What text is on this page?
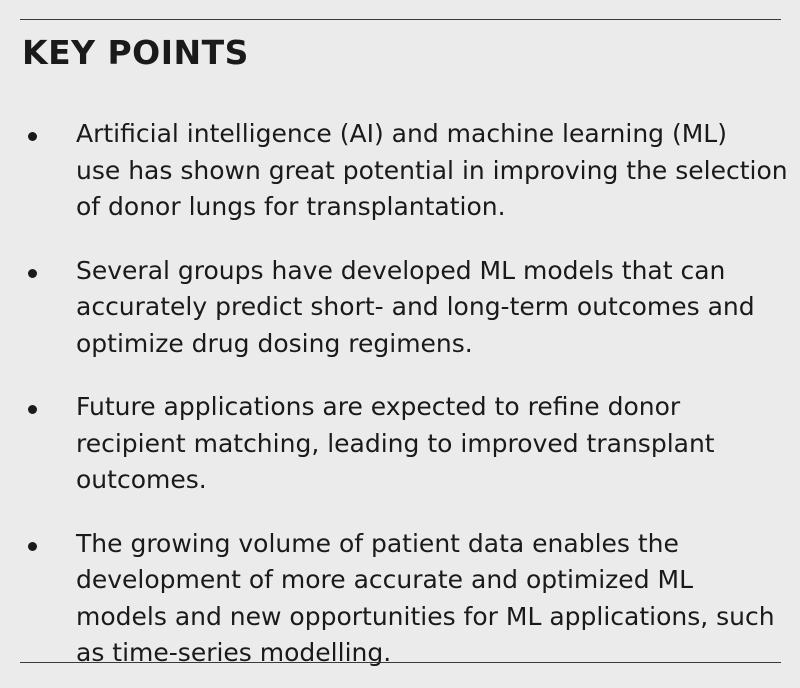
KEY POINTS
Artificial intelligence (AI) and machine learning (ML)
use has shown great potential in improving the selection
of donor lungs for transplantation.
Several groups have developed ML models that can
accurately predict short- and long-term outcomes and
optimize drug dosing regimens.
Future applications are expected to refine donor
recipient matching, leading to improved transplant
outcomes.
The growing volume of patient data enables the
development of more accurate and optimized ML
models and new opportunities for ML applications, such
as time-series modelling.
